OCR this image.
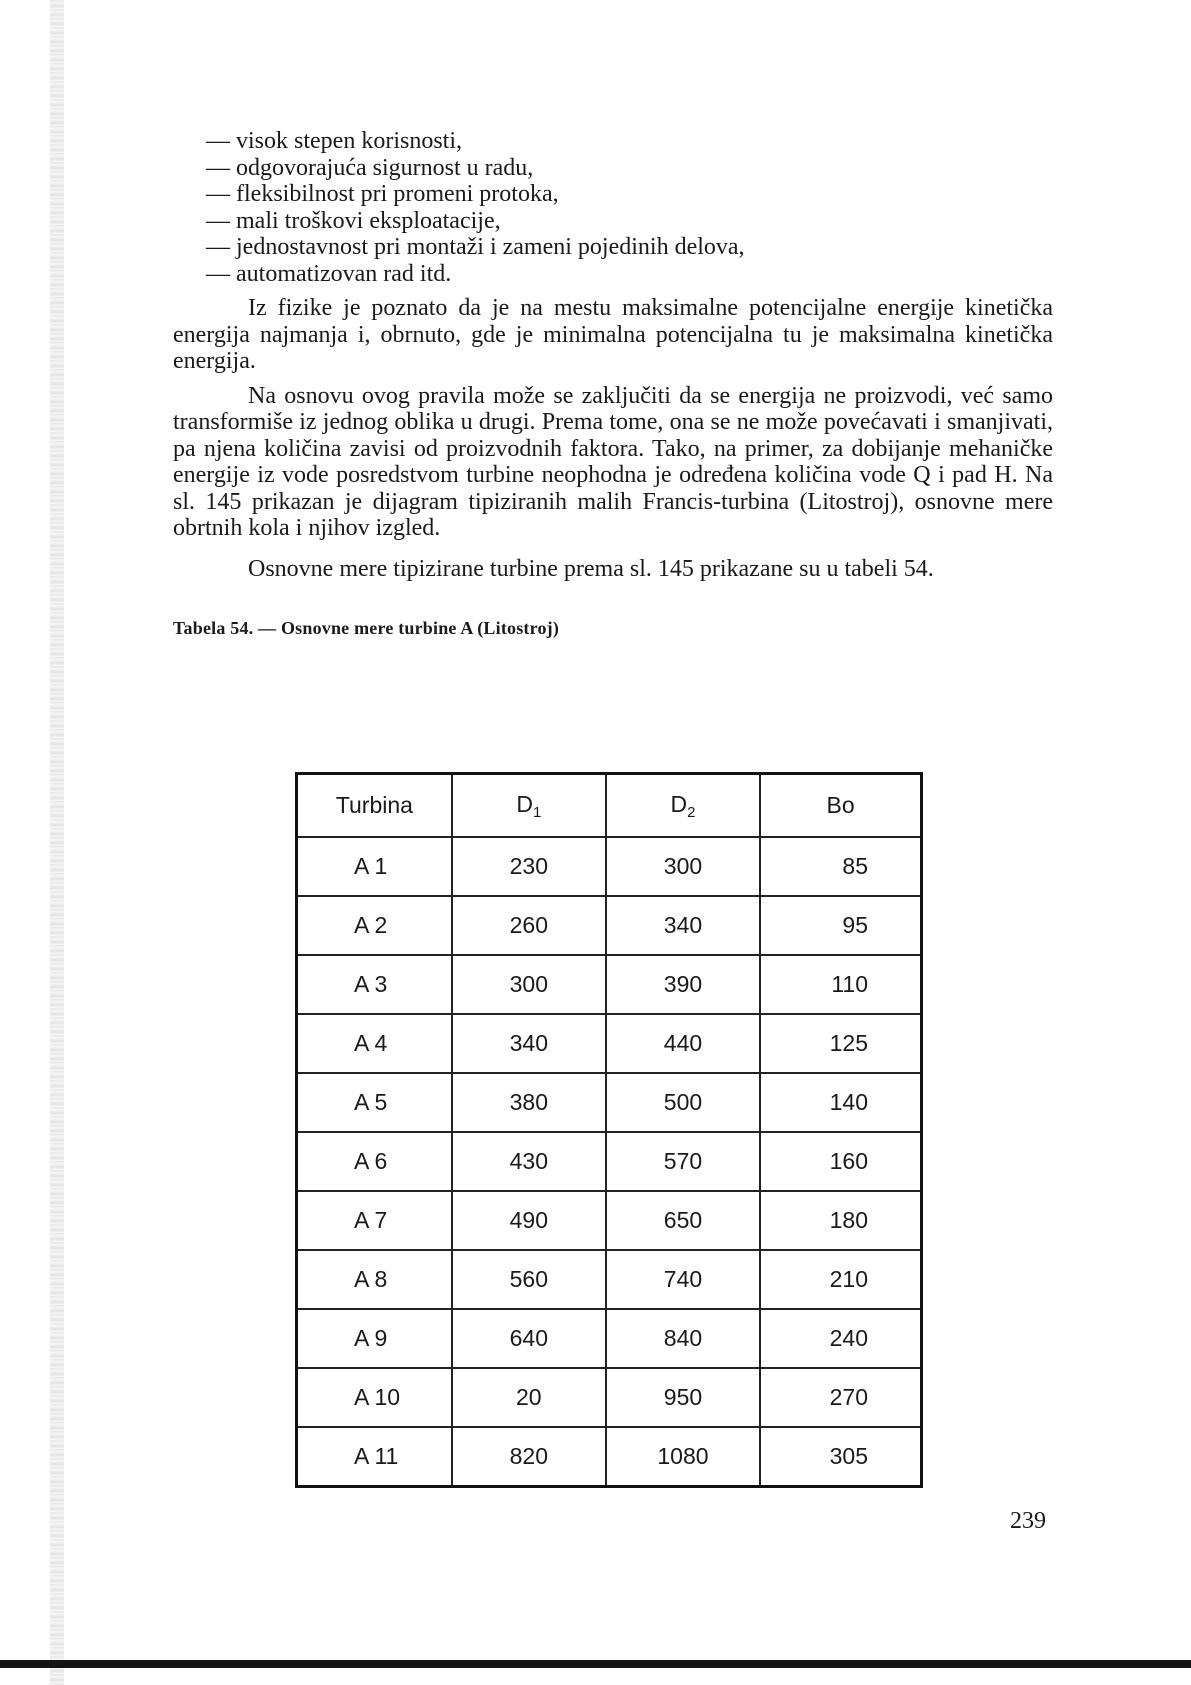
— visok stepen korisnosti,
— odgovorajuća sigurnost u radu,
— fleksibilnost pri promeni protoka,
— mali troškovi eksploatacije,
— jednostavnost pri montaži i zameni pojedinih delova,
— automatizovan rad itd.

Iz fizike je poznato da je na mestu maksimalne potencijalne energije kinetička energija najmanja i, obrnuto, gde je minimalna potencijalna tu je maksimalna kinetička energija.

Na osnovu ovog pravila može se zaključiti da se energija ne proizvodi, već samo transformiše iz jednog oblika u drugi. Prema tome, ona se ne može povećavati i smanjivati, pa njena količina zavisi od proizvodnih faktora. Tako, na primer, za dobijanje mehaničke energije iz vode posredstvom turbine neophodna je određena količina vode Q i pad H. Na sl. 145 prikazan je dijagram tipiziranih malih Francis-turbina (Litostroj), osnovne mere obrtnih kola i njihov izgled.

Osnovne mere tipizirane turbine prema sl. 145 prikazane su u tabeli 54.

Tabela 54. — Osnovne mere turbine A (Litostroj)
Turbina	$D_1$	$D_2$	Bo
A 1	230	300	85
A 2	260	340	95
A 3	300	390	110
A 4	340	440	125
A 5	380	500	140
A 6	430	570	160
A 7	490	650	180
A 8	560	740	210
A 9	640	840	240
A 10	20	950	270
A 11	820	1080	305
239
